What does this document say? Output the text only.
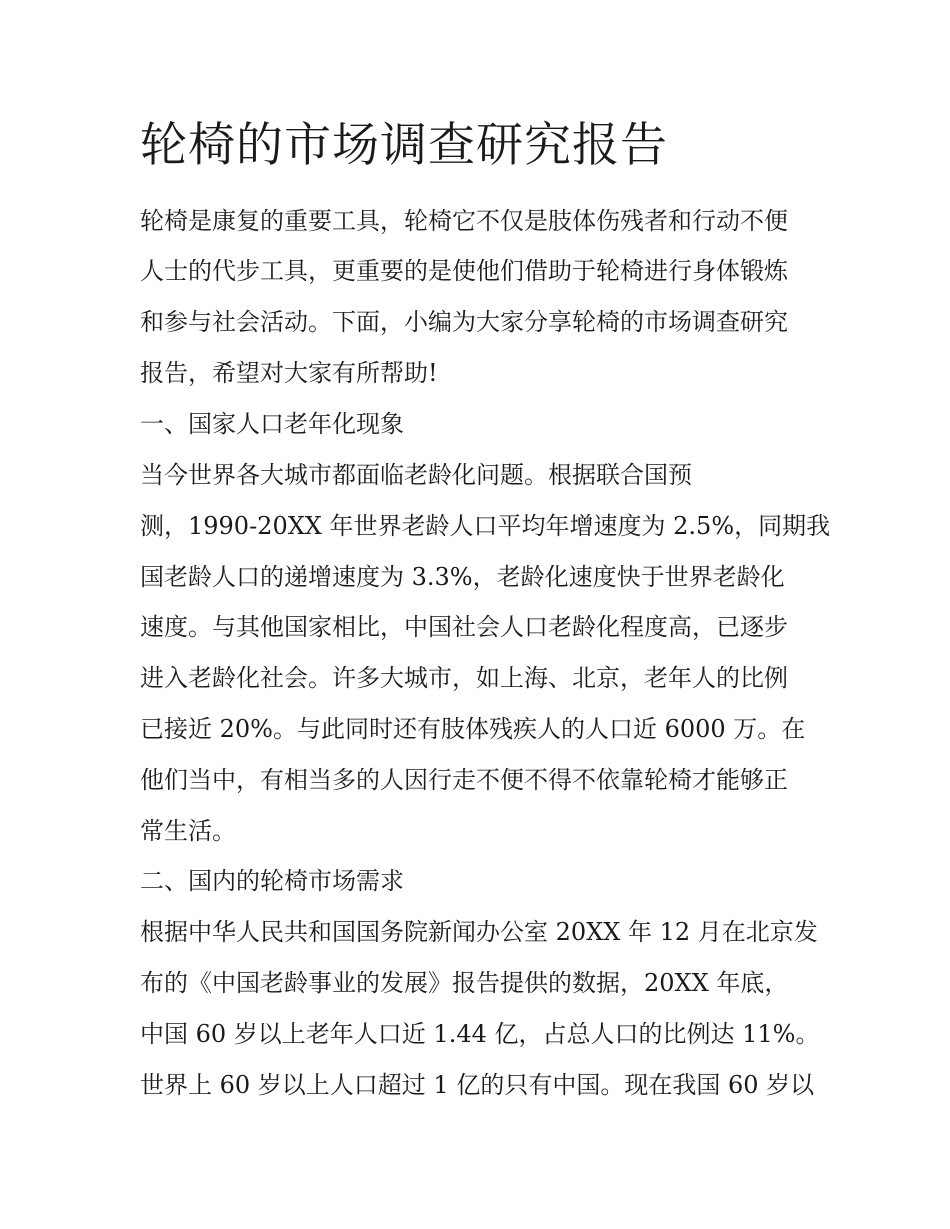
轮椅的市场调查研究报告

轮椅是康复的重要工具，轮椅它不仅是肢体伤残者和行动不便

人士的代步工具，更重要的是使他们借助于轮椅进行身体锻炼

和参与社会活动。下面，小编为大家分享轮椅的市场调查研究

报告，希望对大家有所帮助!

一、国家人口老年化现象

当今世界各大城市都面临老龄化问题。根据联合国预

测，1990-20XX 年世界老龄人口平均年增速度为 2.5%，同期我

国老龄人口的递增速度为 3.3%，老龄化速度快于世界老龄化

速度。与其他国家相比，中国社会人口老龄化程度高，已逐步

进入老龄化社会。许多大城市，如上海、北京，老年人的比例

已接近 20%。与此同时还有肢体残疾人的人口近 6000 万。在

他们当中，有相当多的人因行走不便不得不依靠轮椅才能够正

常生活。

二、国内的轮椅市场需求

根据中华人民共和国国务院新闻办公室 20XX 年 12 月在北京发

布的《中国老龄事业的发展》报告提供的数据，20XX 年底，

中国 60 岁以上老年人口近 1.44 亿，占总人口的比例达 11%。

世界上 60 岁以上人口超过 1 亿的只有中国。现在我国 60 岁以
